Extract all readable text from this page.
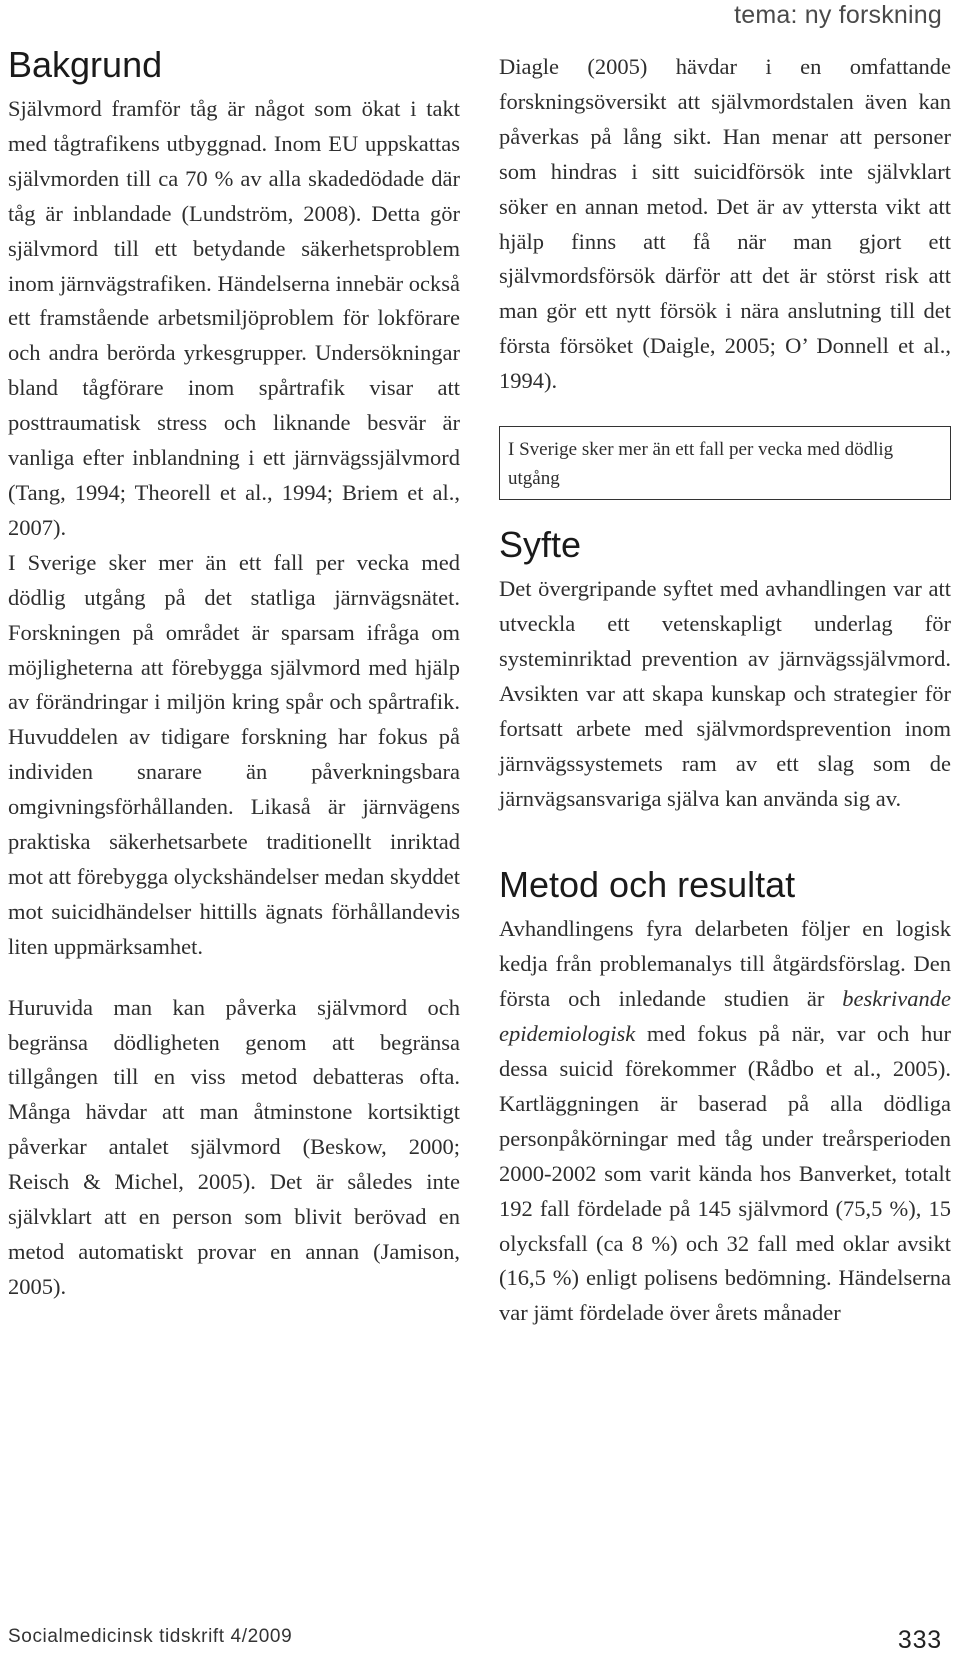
tema: ny forskning
Bakgrund

Självmord framför tåg är något som ökat i takt med tågtrafikens utbyggnad. Inom EU uppskattas självmorden till ca 70 % av alla skadedödade där tåg är inblandade (Lundström, 2008). Detta gör självmord till ett betydande säkerhetsproblem inom järnvägstrafiken. Händelserna innebär också ett framstående arbetsmiljöproblem för lokförare och andra berörda yrkesgrupper. Undersökningar bland tågförare inom spårtrafik visar att posttraumatisk stress och liknande besvär är vanliga efter inblandning i ett järnvägssjälvmord (Tang, 1994; Theorell et al., 1994; Briem et al., 2007).

I Sverige sker mer än ett fall per vecka med dödlig utgång på det statliga järnvägsnätet. Forskningen på området är sparsam ifråga om möjligheterna att förebygga självmord med hjälp av förändringar i miljön kring spår och spårtrafik. Huvuddelen av tidigare forskning har fokus på individen snarare än påverkningsbara omgivningsförhållanden. Likaså är järnvägens praktiska säkerhetsarbete traditionellt inriktad mot att förebygga olyckshändelser medan skyddet mot suicidhändelser hittills ägnats förhållandevis liten uppmärksamhet.

Huruvida man kan påverka självmord och begränsa dödligheten genom att begränsa tillgången till en viss metod debatteras ofta. Många hävdar att man åtminstone kortsiktigt påverkar antalet självmord (Beskow, 2000; Reisch & Michel, 2005). Det är således inte självklart att en person som blivit berövad en metod automatiskt provar en annan (Jamison, 2005).

Diagle (2005) hävdar i en omfattande forskningsöversikt att självmordstalen även kan påverkas på lång sikt. Han menar att personer som hindras i sitt suicidförsök inte självklart söker en annan metod. Det är av yttersta vikt att hjälp finns att få när man gjort ett självmordsförsök därför att det är störst risk att man gör ett nytt försök i nära anslutning till det första försöket (Daigle, 2005; O’ Donnell et al., 1994).

I Sverige sker mer än ett fall per vecka med dödlig utgång
Syfte

Det övergripande syftet med avhandlingen var att utveckla ett vetenskapligt underlag för systeminriktad prevention av järnvägssjälvmord. Avsikten var att skapa kunskap och strategier för fortsatt arbete med självmordsprevention inom järnvägssystemets ram av ett slag som de järnvägsansvariga själva kan använda sig av.

Metod och resultat

Avhandlingens fyra delarbeten följer en logisk kedja från problemanalys till åtgärdsförslag. Den första och inledande studien är beskrivande epidemiologisk med fokus på när, var och hur dessa suicid förekommer (Rådbo et al., 2005). Kartläggningen är baserad på alla dödliga personpåkörningar med tåg under treårsperioden 2000-2002 som varit kända hos Banverket, totalt 192 fall fördelade på 145 självmord (75,5 %), 15 olycksfall (ca 8 %) och 32 fall med oklar avsikt (16,5 %) enligt polisens bedömning. Händelserna var jämt fördelade över årets månader

Socialmedicinsk tidskrift 4/2009	333
